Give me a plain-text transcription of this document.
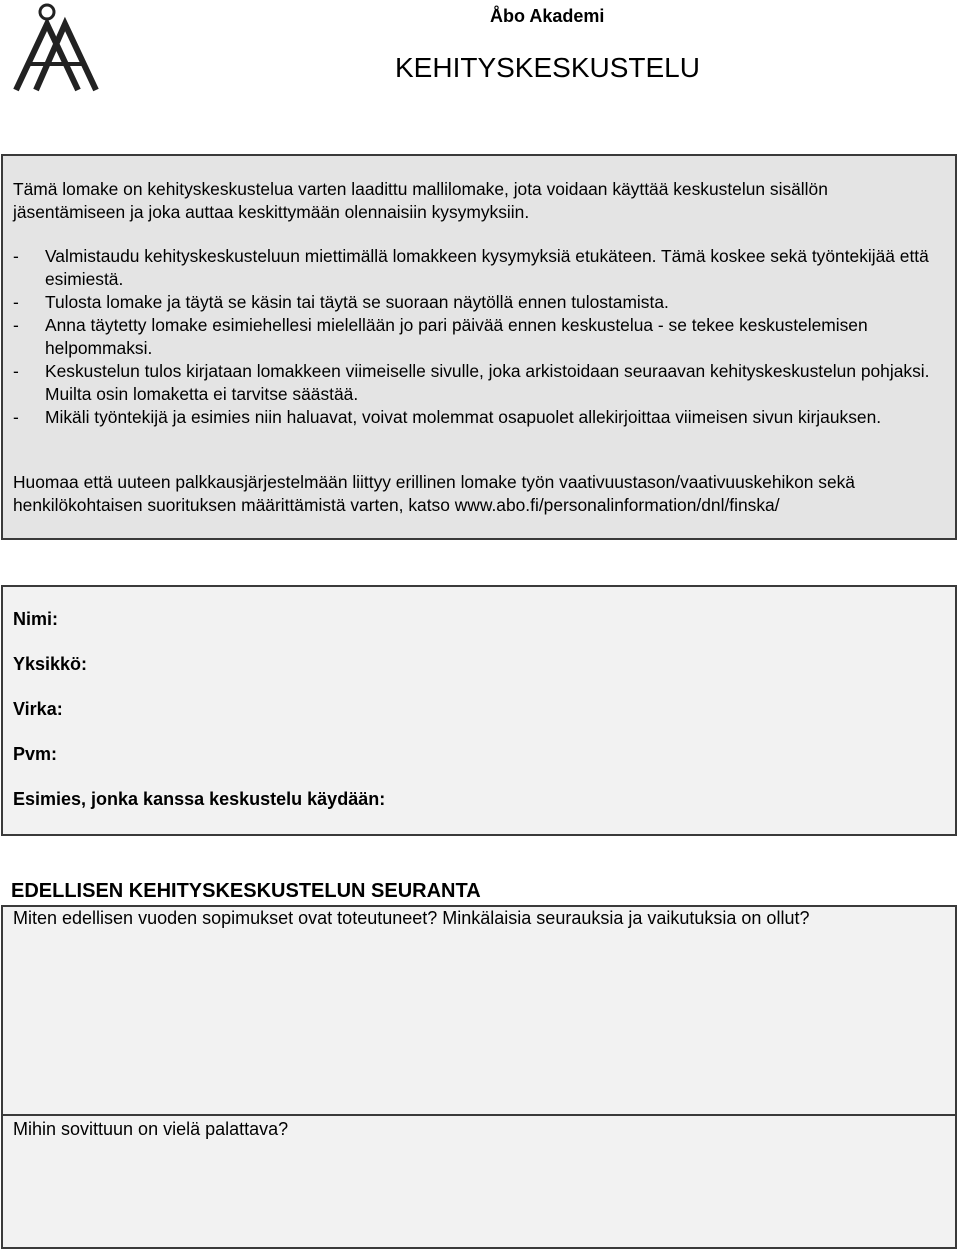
Åbo Akademi
KEHITYSKESKUSTELU

Tämä lomake on kehityskeskustelua varten laadittu mallilomake, jota voidaan käyttää keskustelun sisällön jäsentämiseen ja joka auttaa keskittymään olennaisiin kysymyksiin.

- Valmistaudu kehityskeskusteluun miettimällä lomakkeen kysymyksiä etukäteen. Tämä koskee sekä työntekijää että esimiestä.
- Tulosta lomake ja täytä se käsin tai täytä se suoraan näytöllä ennen tulostamista.
- Anna täytetty lomake esimiehellesi mielellään jo pari päivää ennen keskustelua - se tekee keskustelemisen helpommaksi.
- Keskustelun tulos kirjataan lomakkeen viimeiselle sivulle, joka arkistoidaan seuraavan kehityskeskustelun pohjaksi. Muilta osin lomaketta ei tarvitse säästää.
- Mikäli työntekijä ja esimies niin haluavat, voivat molemmat osapuolet allekirjoittaa viimeisen sivun kirjauksen.

Huomaa että uuteen palkkausjärjestelmään liittyy erillinen lomake työn vaativuustason/vaativuuskehikon sekä henkilökohtaisen suorituksen määrittämistä varten, katso www.abo.fi/personalinformation/dnl/finska/

Nimi:
Yksikkö:
Virka:
Pvm:
Esimies, jonka kanssa keskustelu käydään:
EDELLISEN KEHITYSKESKUSTELUN SEURANTA
Miten edellisen vuoden sopimukset ovat toteutuneet? Minkälaisia seurauksia ja vaikutuksia on ollut?
Mihin sovittuun on vielä palattava?
